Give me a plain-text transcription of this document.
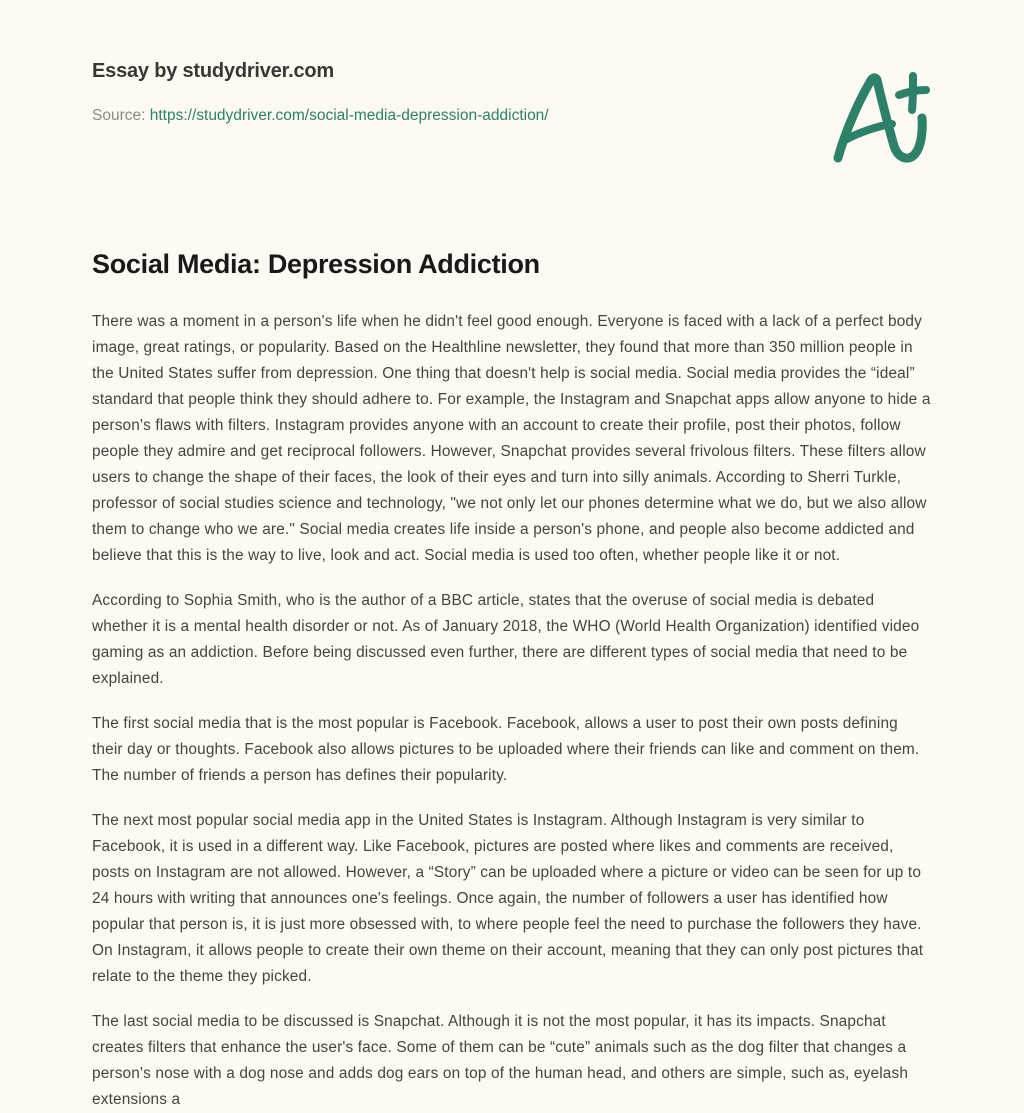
Essay by studydriver.com
Source: https://studydriver.com/social-media-depression-addiction/
Social Media: Depression Addiction

There was a moment in a person's life when he didn't feel good enough. Everyone is faced with a lack of a perfect body image, great ratings, or popularity. Based on the Healthline newsletter, they found that more than 350 million people in the United States suffer from depression. One thing that doesn't help is social media. Social media provides the “ideal” standard that people think they should adhere to. For example, the Instagram and Snapchat apps allow anyone to hide a person's flaws with filters. Instagram provides anyone with an account to create their profile, post their photos, follow people they admire and get reciprocal followers. However, Snapchat provides several frivolous filters. These filters allow users to change the shape of their faces, the look of their eyes and turn into silly animals. According to Sherri Turkle, professor of social studies science and technology, "we not only let our phones determine what we do, but we also allow them to change who we are." Social media creates life inside a person's phone, and people also become addicted and believe that this is the way to live, look and act. Social media is used too often, whether people like it or not.

According to Sophia Smith, who is the author of a BBC article, states that the overuse of social media is debated whether it is a mental health disorder or not. As of January 2018, the WHO (World Health Organization) identified video gaming as an addiction. Before being discussed even further, there are different types of social media that need to be explained.

The first social media that is the most popular is Facebook. Facebook, allows a user to post their own posts defining their day or thoughts. Facebook also allows pictures to be uploaded where their friends can like and comment on them. The number of friends a person has defines their popularity.

The next most popular social media app in the United States is Instagram. Although Instagram is very similar to Facebook, it is used in a different way. Like Facebook, pictures are posted where likes and comments are received, posts on Instagram are not allowed. However, a “Story” can be uploaded where a picture or video can be seen for up to 24 hours with writing that announces one's feelings. Once again, the number of followers a user has identified how popular that person is, it is just more obsessed with, to where people feel the need to purchase the followers they have. On Instagram, it allows people to create their own theme on their account, meaning that they can only post pictures that relate to the theme they picked.

The last social media to be discussed is Snapchat. Although it is not the most popular, it has its impacts. Snapchat creates filters that enhance the user's face. Some of them can be “cute” animals such as the dog filter that changes a person's nose with a dog nose and adds dog ears on top of the human head, and others are simple, such as, eyelash extensions a
